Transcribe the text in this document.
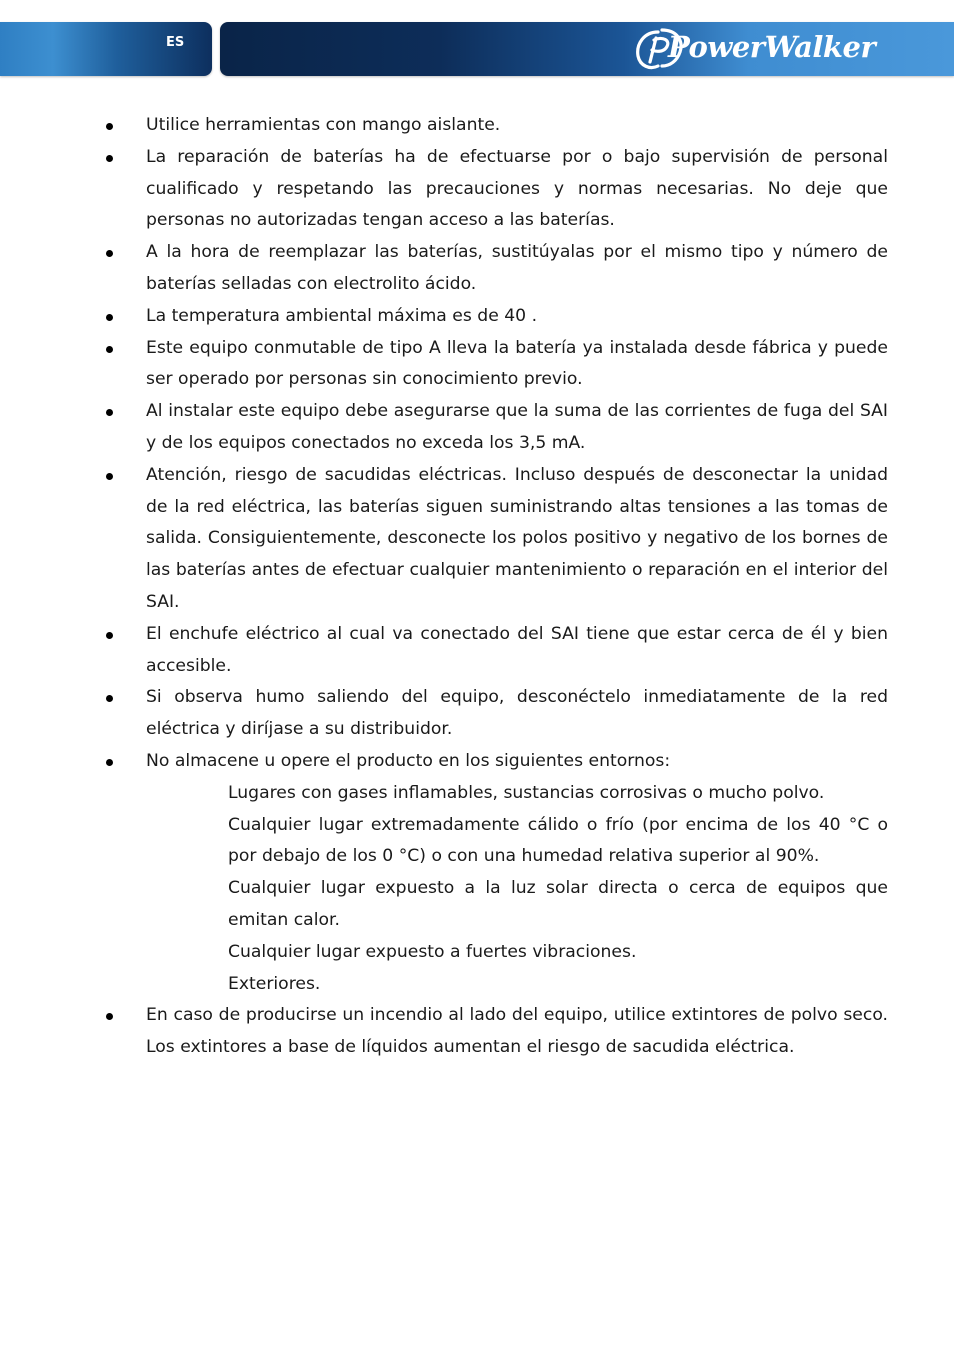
ES	PowerWalker
Utilice herramientas con mango aislante.
La reparación de baterías ha de efectuarse por o bajo supervisión de personal cualificado y respetando las precauciones y normas necesarias. No deje que personas no autorizadas tengan acceso a las baterías.
A la hora de reemplazar las baterías, sustitúyalas por el mismo tipo y número de baterías selladas con electrolito ácido.
La temperatura ambiental máxima es de 40 .
Este equipo conmutable de tipo A lleva la batería ya instalada desde fábrica y puede ser operado por personas sin conocimiento previo.
Al instalar este equipo debe asegurarse que la suma de las corrientes de fuga del SAI y de los equipos conectados no exceda los 3,5 mA.
Atención, riesgo de sacudidas eléctricas. Incluso después de desconectar la unidad de la red eléctrica, las baterías siguen suministrando altas tensiones a las tomas de salida. Consiguientemente, desconecte los polos positivo y negativo de los bornes de las baterías antes de efectuar cualquier mantenimiento o reparación en el interior del SAI.
El enchufe eléctrico al cual va conectado del SAI tiene que estar cerca de él y bien accesible.
Si observa humo saliendo del equipo, desconéctelo inmediatamente de la red eléctrica y diríjase a su distribuidor.
No almacene u opere el producto en los siguientes entornos:
Lugares con gases inflamables, sustancias corrosivas o mucho polvo.
Cualquier lugar extremadamente cálido o frío (por encima de los 40 °C o por debajo de los 0 °C) o con una humedad relativa superior al 90%.
Cualquier lugar expuesto a la luz solar directa o cerca de equipos que emitan calor.
Cualquier lugar expuesto a fuertes vibraciones.
Exteriores.
En caso de producirse un incendio al lado del equipo, utilice extintores de polvo seco. Los extintores a base de líquidos aumentan el riesgo de sacudida eléctrica.
